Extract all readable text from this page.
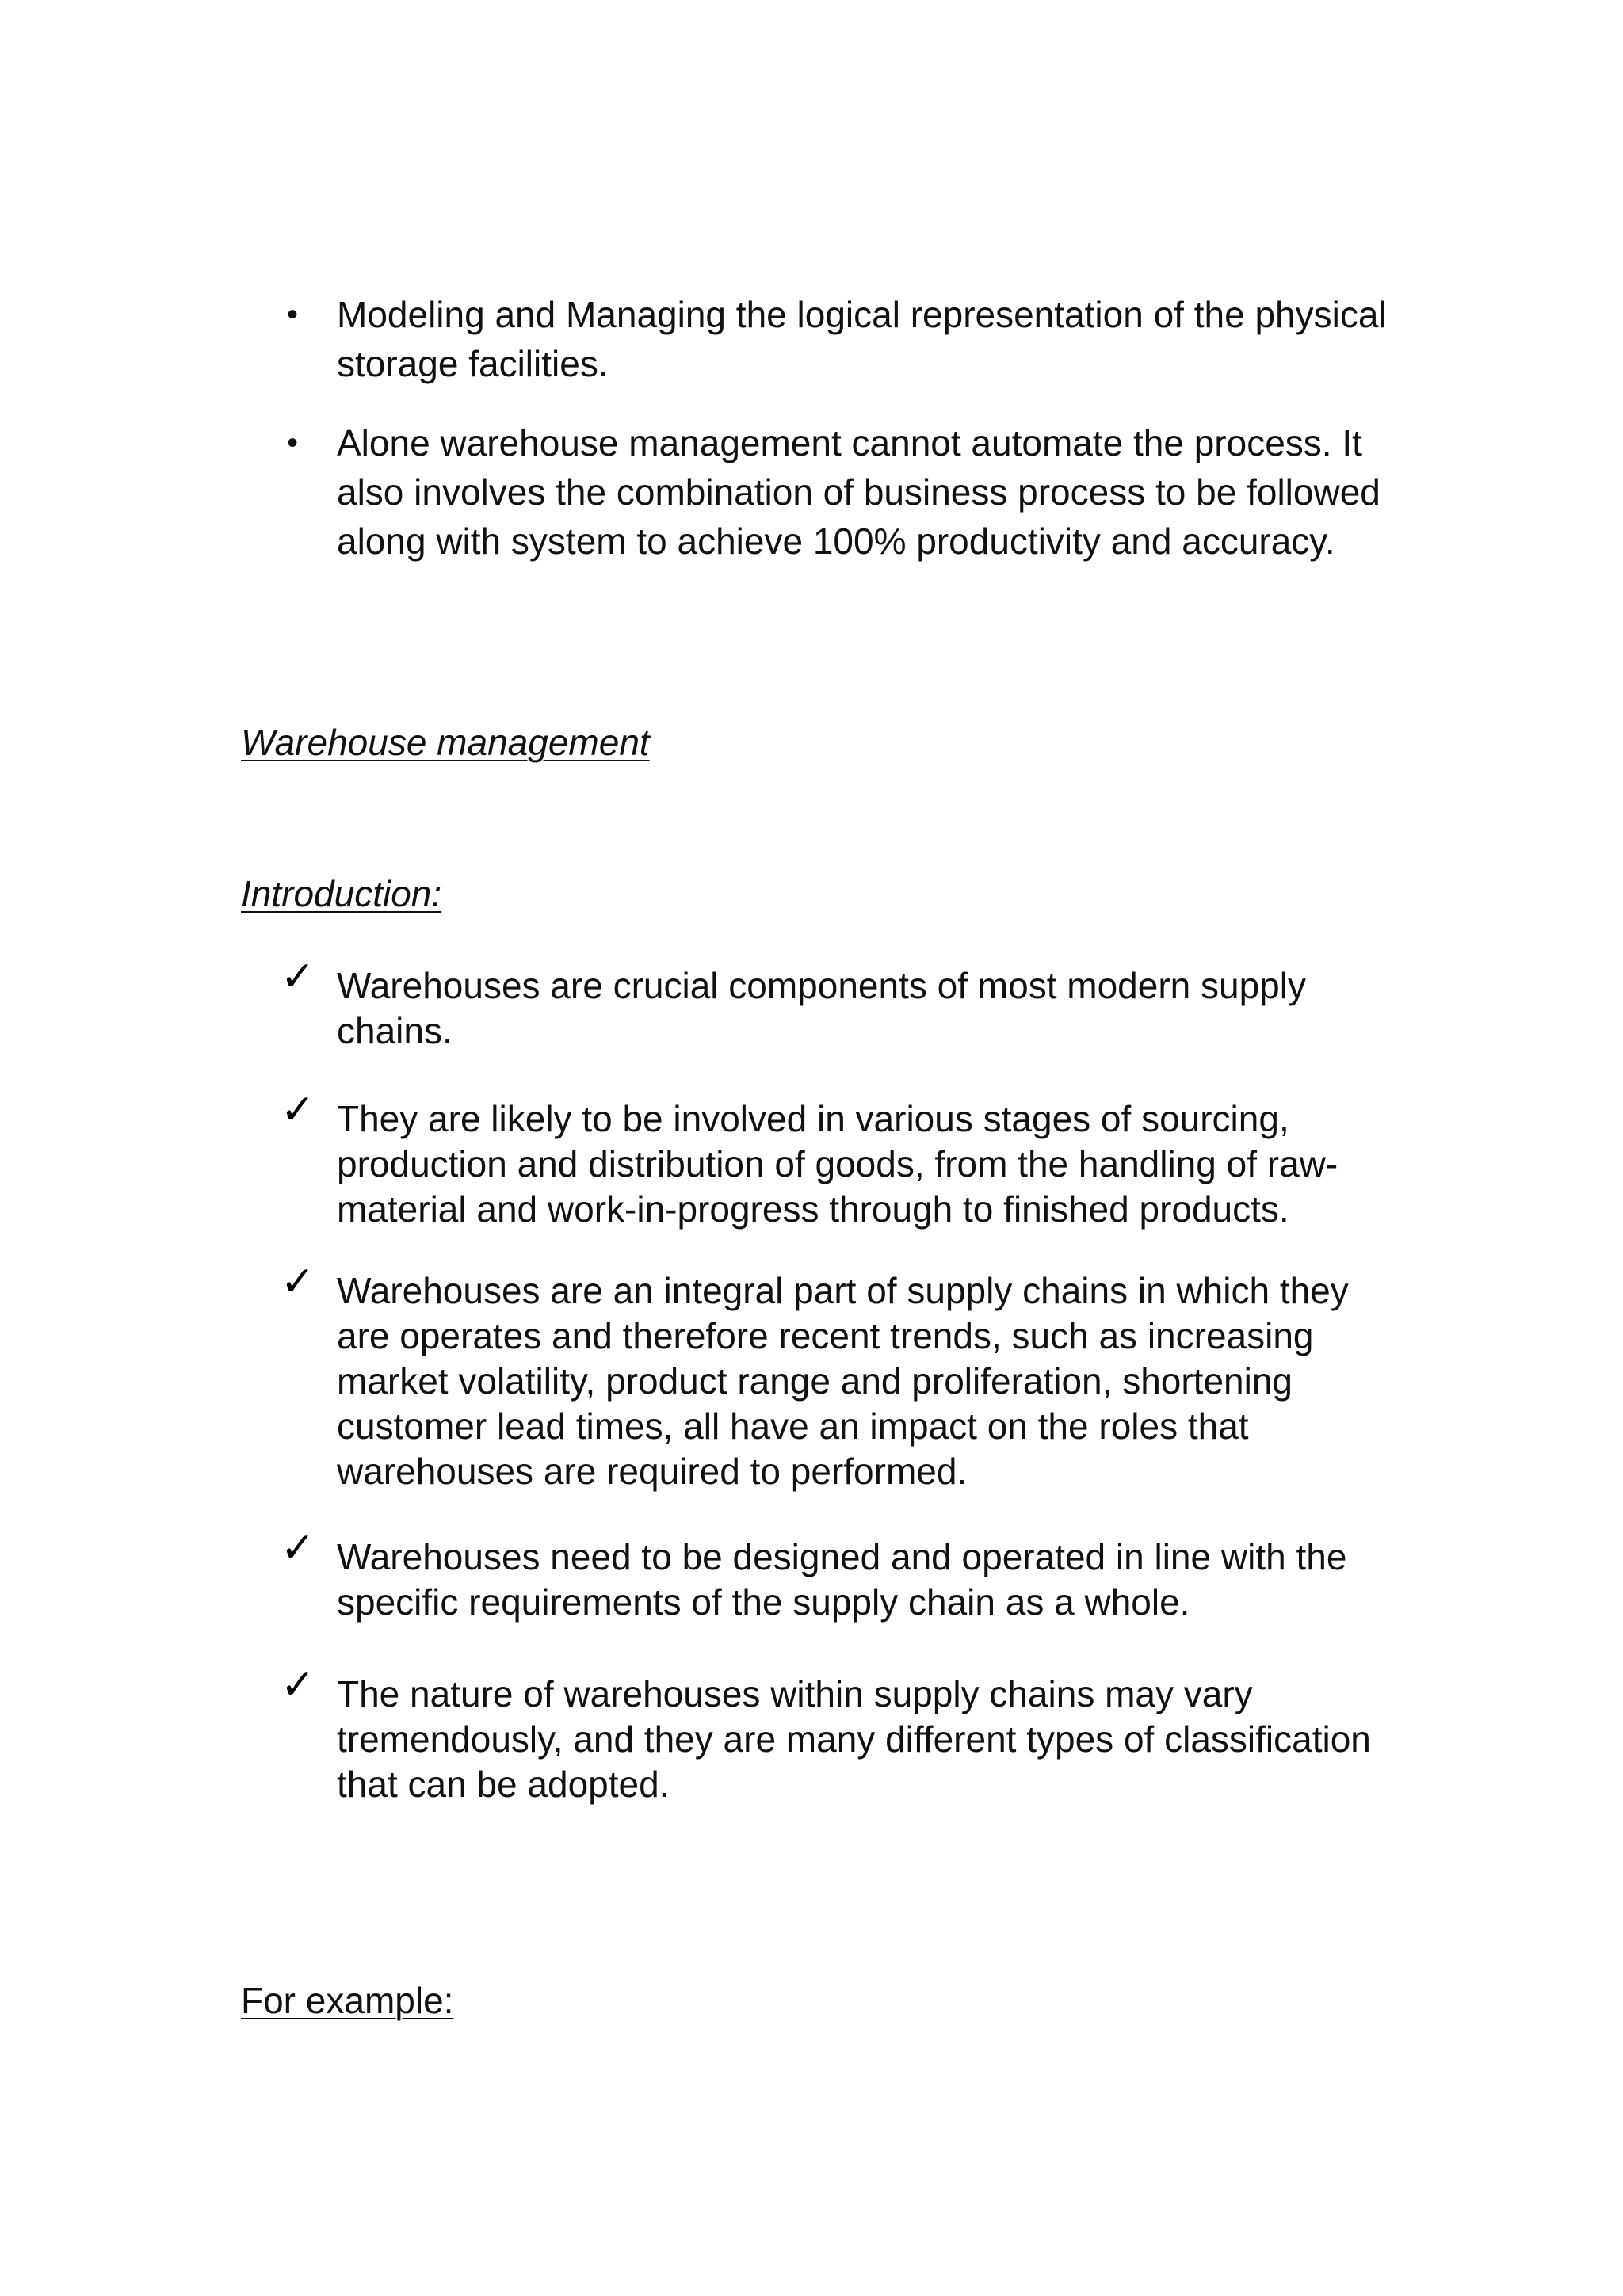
• Modeling and Managing the logical representation of the physical storage facilities.
• Alone warehouse management cannot automate the process. It also involves the combination of business process to be followed along with system to achieve 100% productivity and accuracy.
Warehouse management
Introduction:
✓ Warehouses are crucial components of most modern supply chains.
✓ They are likely to be involved in various stages of sourcing, production and distribution of goods, from the handling of raw-material and work-in-progress through to finished products.
✓ Warehouses are an integral part of supply chains in which they are operates and therefore recent trends, such as increasing market volatility, product range and proliferation, shortening customer lead times, all have an impact on the roles that warehouses are required to performed.
✓ Warehouses need to be designed and operated in line with the specific requirements of the supply chain as a whole.
✓ The nature of warehouses within supply chains may vary tremendously, and they are many different types of classification that can be adopted.
For example:
